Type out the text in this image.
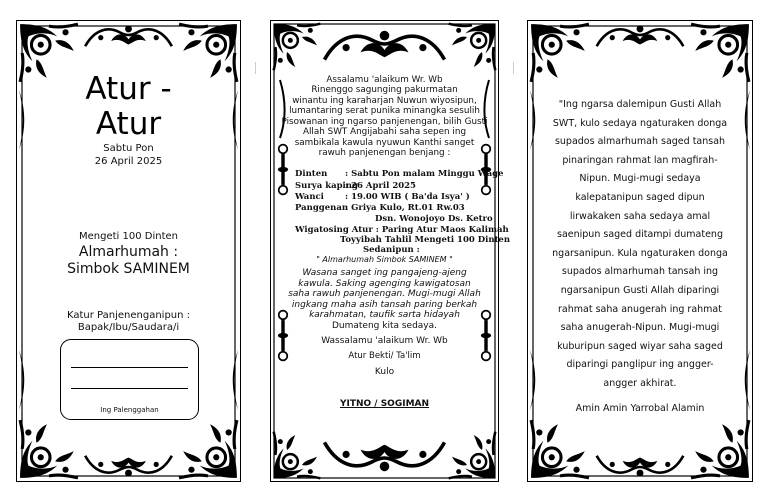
Atur - Atur
Sabtu Pon
26 April 2025
Mengeti 100 Dinten
Almarhumah :
Simbok SAMINEM
Katur Panjenenganipun :
Bapak/Ibu/Saudara/i
Ing Palenggahan
Assalamu 'alaikum Wr. Wb
Rinenggo sagunging pakurmatan
winantu ing karaharjan Nuwun wiyosipun,
lumantaring serat punika minangka sesulih
Pisowanan ing ngarso panjenengan, bilih Gusti
Allah SWT Angijabahi saha sepen ing
sambikala kawula nyuwun Kanthi sanget
rawuh panjenengan benjang :
Dinten : Sabtu Pon malam Minggu Wage
Surya kaping
: 26 April 2025
Wanci : 19.00 WIB ( Ba'da Isya' )
Panggenan
: Griya Kulo, Rt.01 Rw.03
Dsn. Wonojoyo Ds. Ketro
Wigatosing Atur : Paring Atur Maos Kalimah
Toyyibah Tahlil Mengeti 100 Dinten
Sedanipun :
" Almarhumah Simbok SAMINEM "
Wasana sanget ing pangajeng-ajeng
kawula. Saking agenging kawigatosan
saha rawuh panjenengan. Mugi-mugi Allah
ingkang maha asih tansah paring berkah
karahmatan, taufik sarta hidayah
Dumateng kita sedaya.
Wassalamu 'alaikum Wr. Wb
Atur Bekti/ Ta'lim
Kulo
YITNO / SOGIMAN
"Ing ngarsa dalemipun Gusti Allah
SWT, kulo sedaya ngaturaken donga
supados almarhumah saged tansah
pinaringan rahmat lan magfirah-
Nipun. Mugi-mugi sedaya
kalepatanipun saged dipun
lirwakaken saha sedaya amal
saenipun saged ditampi dumateng
ngarsanipun. Kula ngaturaken donga
supados almarhumah tansah ing
ngarsanipun Gusti Allah diparingi
rahmat saha anugerah ing rahmat
saha anugerah-Nipun. Mugi-mugi
kuburipun saged wiyar saha saged
diparingi panglipur ing angger-
angger akhirat.
Amin Amin Yarrobal Alamin
